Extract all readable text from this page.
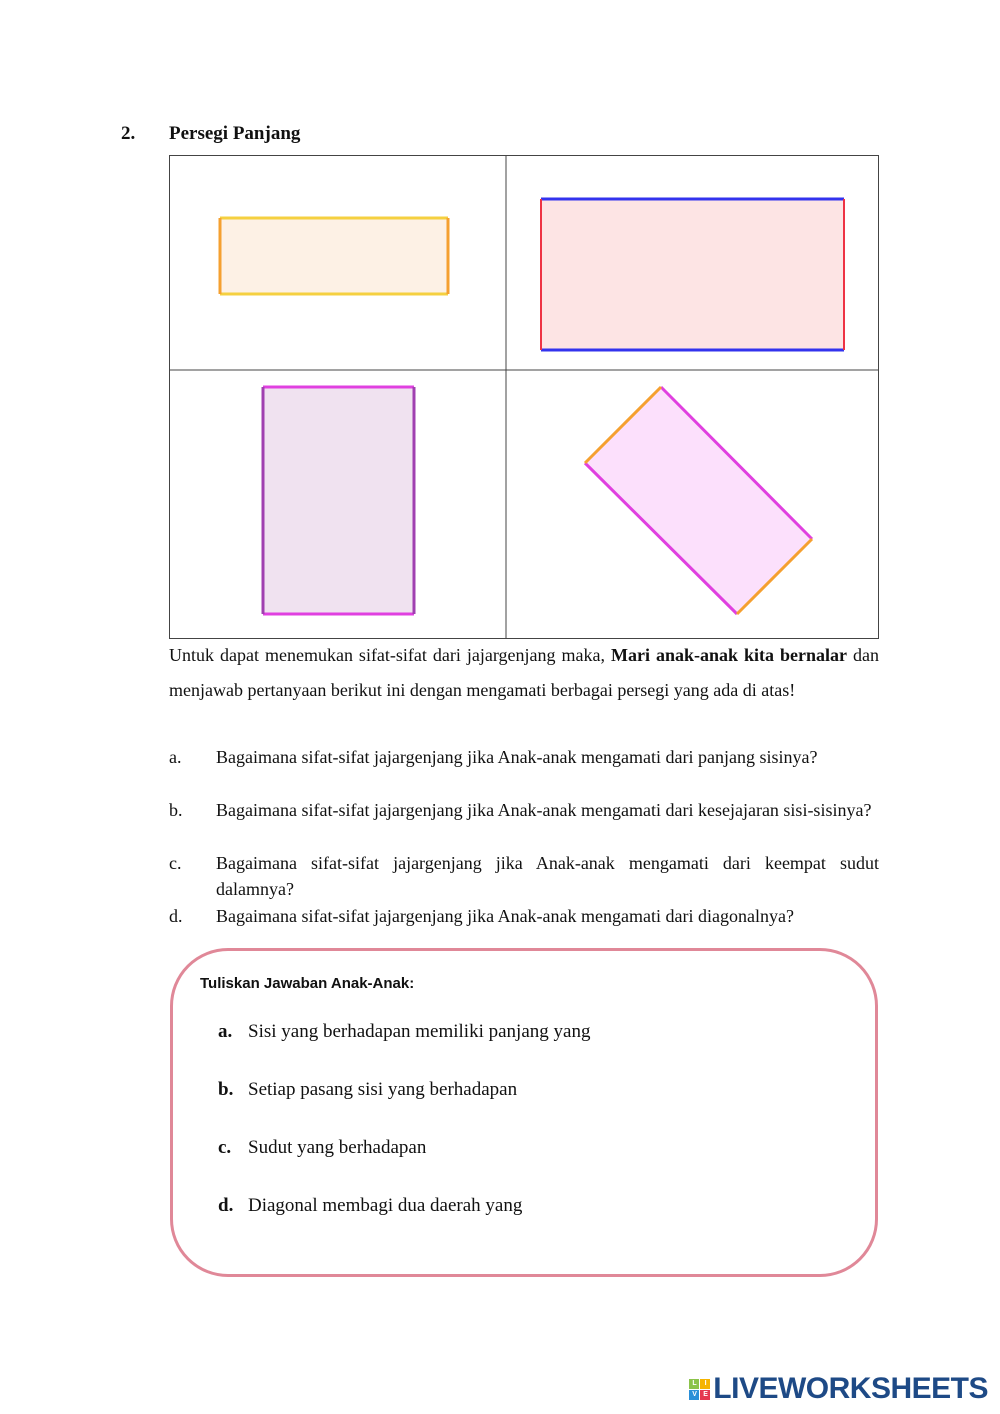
2. Persegi Panjang
Untuk dapat menemukan sifat-sifat dari jajargenjang maka, Mari anak-anak kita bernalar dan menjawab pertanyaan berikut ini dengan mengamati berbagai persegi yang ada di atas!
a. Bagaimana sifat-sifat jajargenjang jika Anak-anak mengamati dari panjang sisinya?
b. Bagaimana sifat-sifat jajargenjang jika Anak-anak mengamati dari kesejajaran sisi-sisinya?
c. Bagaimana sifat-sifat jajargenjang jika Anak-anak mengamati dari keempat sudut dalamnya?
d. Bagaimana sifat-sifat jajargenjang jika Anak-anak mengamati dari diagonalnya?
Tuliskan Jawaban Anak-Anak:
a. Sisi yang berhadapan memiliki panjang yang
b. Setiap pasang sisi yang berhadapan
c. Sudut yang berhadapan
d. Diagonal membagi dua daerah yang
L	I
V E LIVEWORKSHEETS
